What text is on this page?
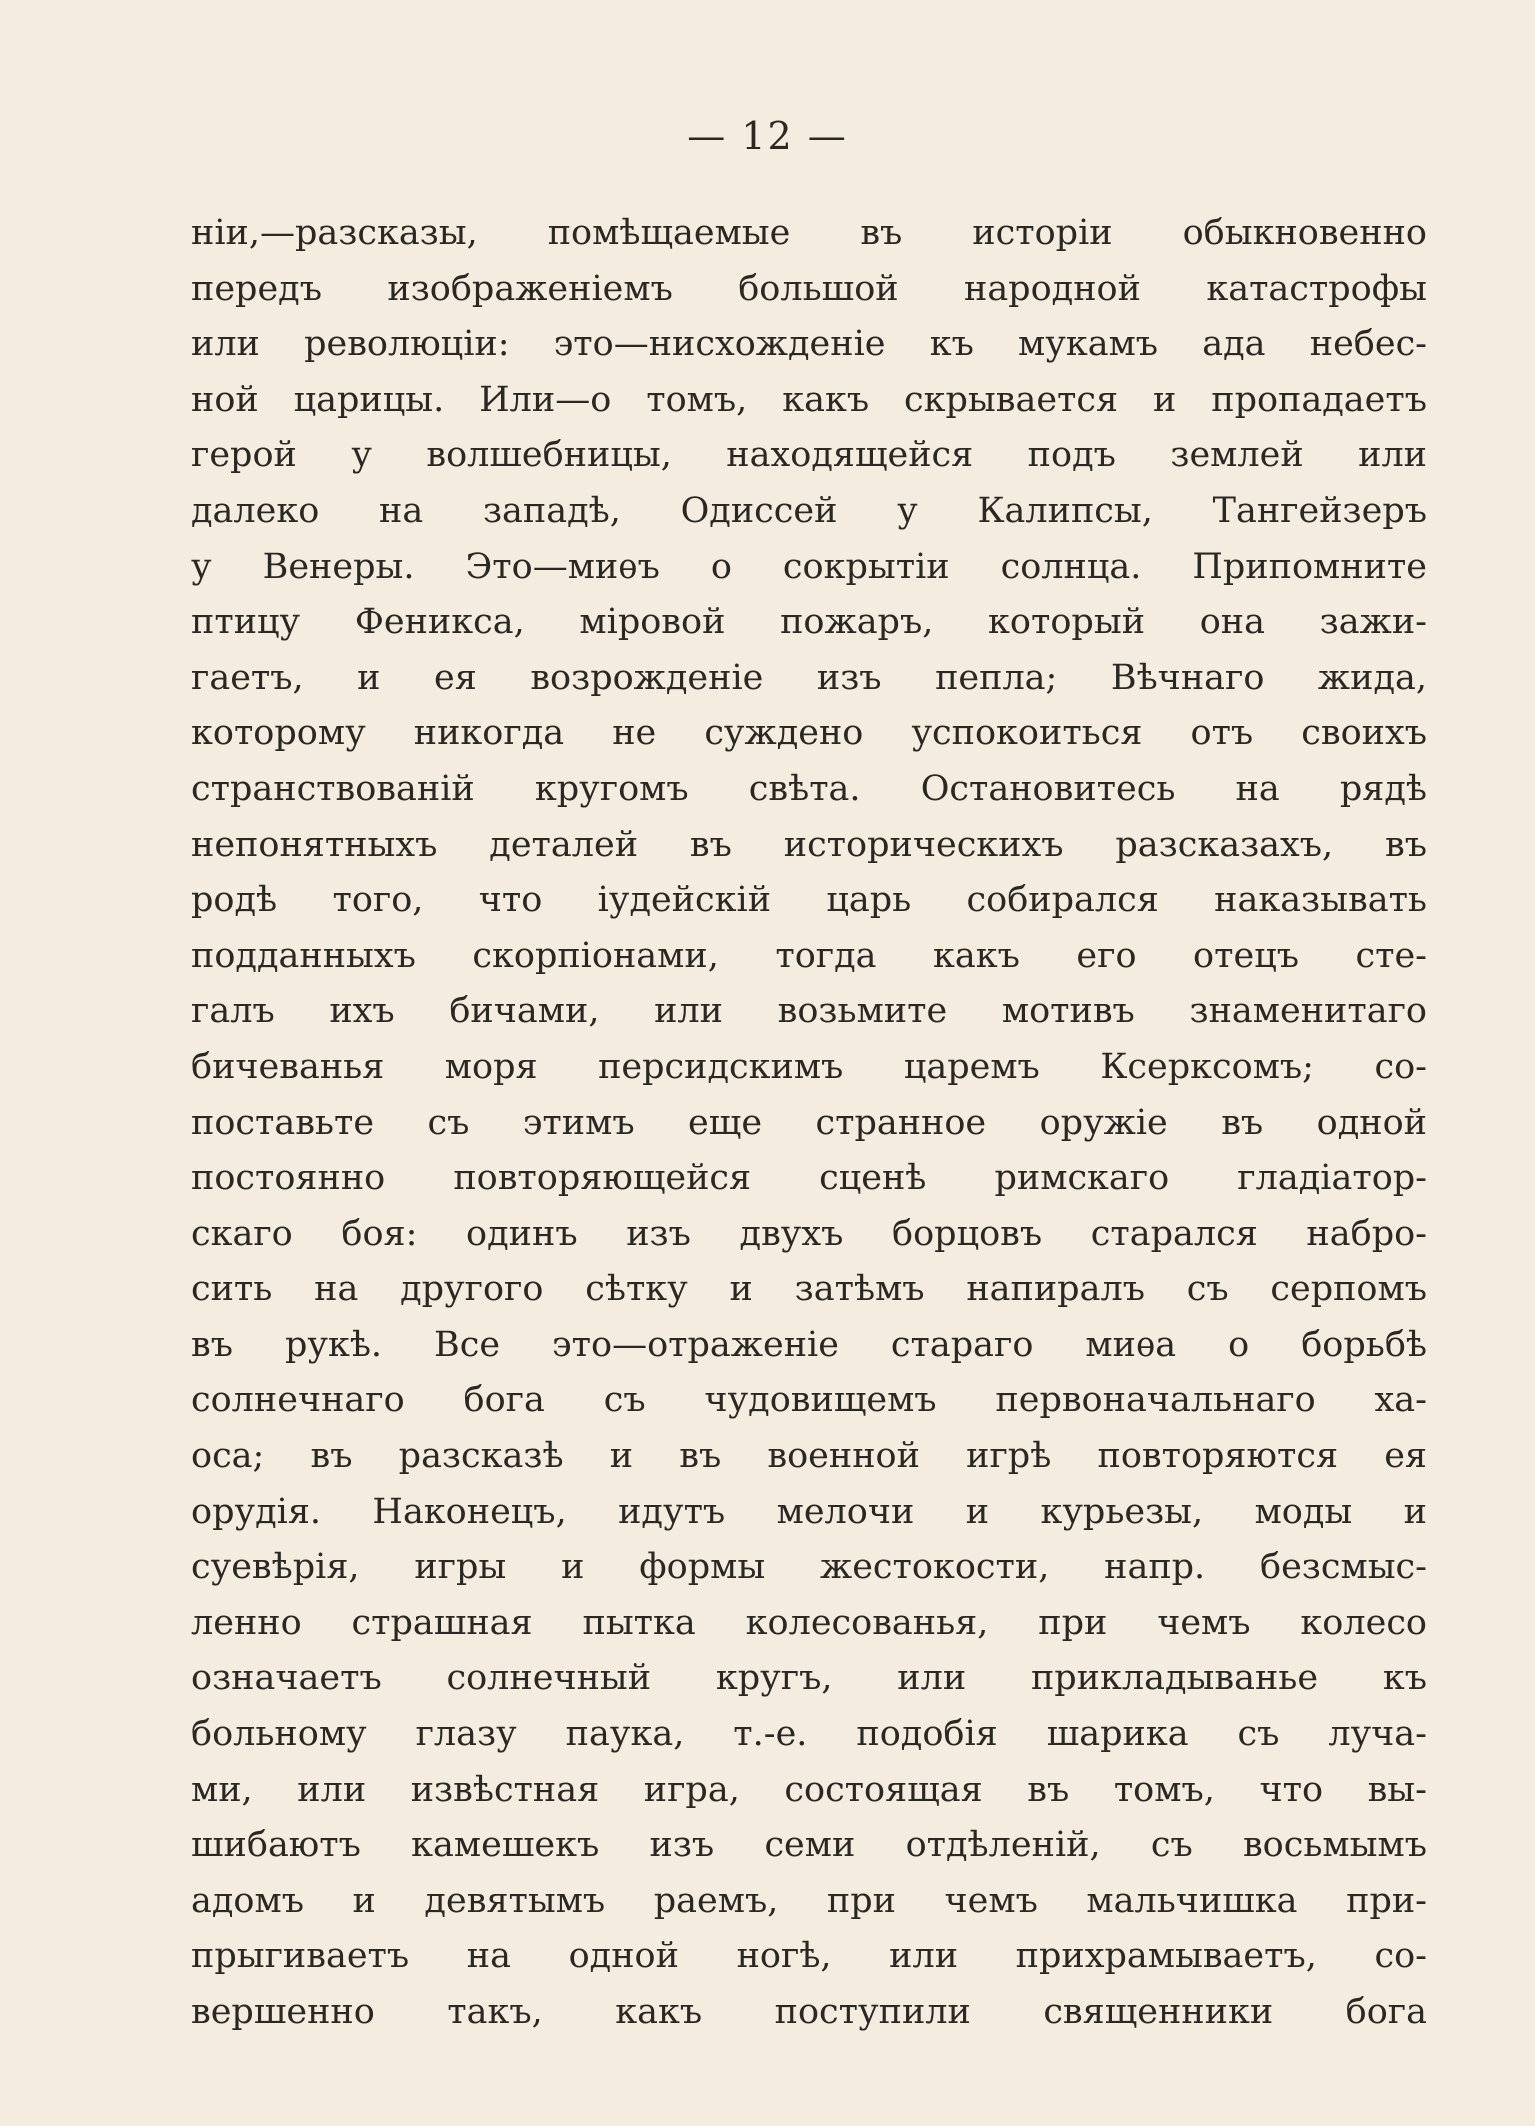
— 12 —
нiи,—разсказы, помѣщаемые въ исторiи обыкновенно
передъ изображенiемъ большой народной катастрофы
или революцiи: это—нисхожденiе къ мукамъ ада небес-
ной царицы. Или—о томъ, какъ скрывается и пропадаетъ
герой у волшебницы, находящейся подъ землей или
далеко на западѣ, Одиссей у Калипсы, Тангейзеръ
у Венеры. Это—миѳъ о сокрытiи солнца. Припомните
птицу Феникса, мiровой пожаръ, который она зажи-
гаетъ, и ея возрожденiе изъ пепла; Вѣчнаго жида,
которому никогда не суждено успокоиться отъ своихъ
странствованiй кругомъ свѣта. Остановитесь на рядѣ
непонятныхъ деталей въ историческихъ разсказахъ, въ
родѣ того, что iудейскiй царь собирался наказывать
подданныхъ скорпiонами, тогда какъ его отецъ сте-
галъ ихъ бичами, или возьмите мотивъ знаменитаго
бичеванья моря персидскимъ царемъ Ксерксомъ; со-
поставьте съ этимъ еще странное оружiе въ одной
постоянно повторяющейся сценѣ римскаго гладiатор-
скаго боя: одинъ изъ двухъ борцовъ старался набро-
сить на другого сѣтку и затѣмъ напиралъ съ серпомъ
въ рукѣ. Все это—отраженiе стараго миѳа о борьбѣ
солнечнаго бога съ чудовищемъ первоначальнаго ха-
оса; въ разсказѣ и въ военной игрѣ повторяются ея
орудiя. Наконецъ, идутъ мелочи и курьезы, моды и
суевѣрiя, игры и формы жестокости, напр. безсмыс-
ленно страшная пытка колесованья, при чемъ колесо
означаетъ солнечный кругъ, или прикладыванье къ
больному глазу паука, т.-е. подобiя шарика съ луча-
ми, или извѣстная игра, состоящая въ томъ, что вы-
шибаютъ камешекъ изъ семи отдѣленiй, съ восьмымъ
адомъ и девятымъ раемъ, при чемъ мальчишка при-
прыгиваетъ на одной ногѣ, или прихрамываетъ, со-
вершенно такъ, какъ поступили священники бога
